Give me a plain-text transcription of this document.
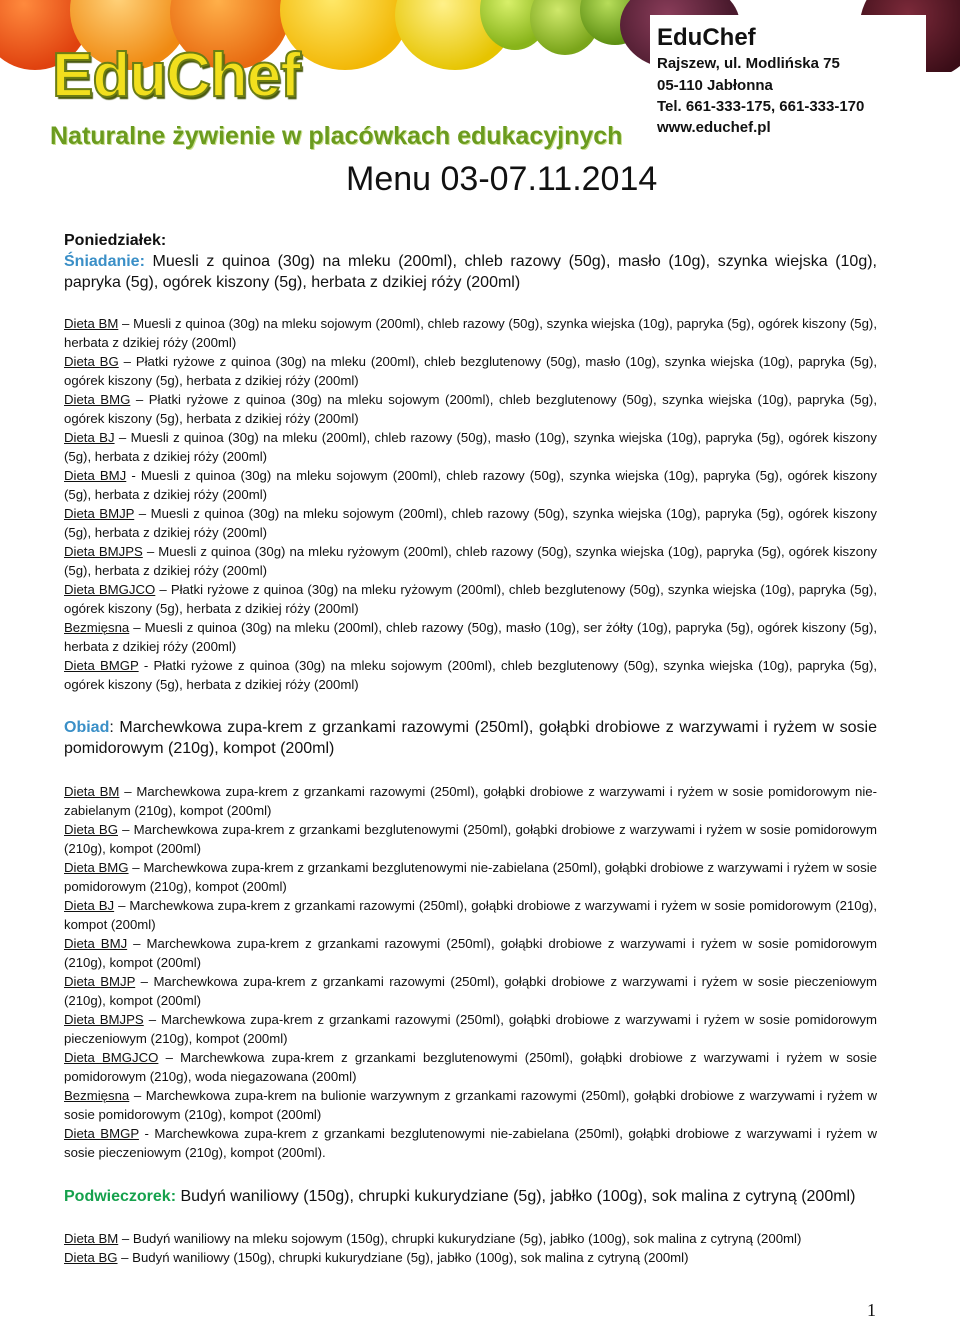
EduChef
Naturalne żywienie w placówkach edukacyjnych
Menu 03-07.11.2014
EduChef
Rajszew, ul. Modlińska 75
05-110 Jabłonna
Tel. 661-333-175, 661-333-170
www.educhef.pl

Poniedziałek:

Śniadanie: Muesli z quinoa (30g) na mleku (200ml), chleb razowy (50g), masło (10g), szynka wiejska (10g), papryka (5g), ogórek kiszony (5g), herbata z dzikiej róży (200ml)

Dieta BM – Muesli z quinoa (30g) na mleku sojowym (200ml), chleb razowy (50g), szynka wiejska (10g), papryka (5g), ogórek kiszony (5g), herbata z dzikiej róży (200ml)

Dieta BG – Płatki ryżowe z quinoa (30g) na mleku (200ml), chleb bezglutenowy (50g), masło (10g), szynka wiejska (10g), papryka (5g), ogórek kiszony (5g), herbata z dzikiej róży (200ml)

Dieta BMG – Płatki ryżowe z quinoa (30g) na mleku sojowym (200ml), chleb bezglutenowy (50g), szynka wiejska (10g), papryka (5g), ogórek kiszony (5g), herbata z dzikiej róży (200ml)

Dieta BJ – Muesli z quinoa (30g) na mleku (200ml), chleb razowy (50g), masło (10g), szynka wiejska (10g), papryka (5g), ogórek kiszony (5g), herbata z dzikiej róży (200ml)

Dieta BMJ - Muesli z quinoa (30g) na mleku sojowym (200ml), chleb razowy (50g), szynka wiejska (10g), papryka (5g), ogórek kiszony (5g), herbata z dzikiej róży (200ml)

Dieta BMJP – Muesli z quinoa (30g) na mleku sojowym (200ml), chleb razowy (50g), szynka wiejska (10g), papryka (5g), ogórek kiszony (5g), herbata z dzikiej róży (200ml)

Dieta BMJPS – Muesli z quinoa (30g) na mleku ryżowym (200ml), chleb razowy (50g), szynka wiejska (10g), papryka (5g), ogórek kiszony (5g), herbata z dzikiej róży (200ml)

Dieta BMGJCO – Płatki ryżowe z quinoa (30g) na mleku ryżowym (200ml), chleb bezglutenowy (50g), szynka wiejska (10g), papryka (5g), ogórek kiszony (5g), herbata z dzikiej róży (200ml)

Bezmięsna – Muesli z quinoa (30g) na mleku (200ml), chleb razowy (50g), masło (10g), ser żółty (10g), papryka (5g), ogórek kiszony (5g), herbata z dzikiej róży (200ml)

Dieta BMGP - Płatki ryżowe z quinoa (30g) na mleku sojowym (200ml), chleb bezglutenowy (50g), szynka wiejska (10g), papryka (5g), ogórek kiszony (5g), herbata z dzikiej róży (200ml)

Obiad: Marchewkowa zupa-krem z grzankami razowymi (250ml), gołąbki drobiowe z warzywami i ryżem w sosie pomidorowym (210g), kompot (200ml)

Dieta BM – Marchewkowa zupa-krem z grzankami razowymi (250ml), gołąbki drobiowe z warzywami i ryżem w sosie pomidorowym nie-zabielanym (210g), kompot (200ml)

Dieta BG – Marchewkowa zupa-krem z grzankami bezglutenowymi (250ml), gołąbki drobiowe z warzywami i ryżem w sosie pomidorowym (210g), kompot (200ml)

Dieta BMG – Marchewkowa zupa-krem z grzankami bezglutenowymi nie-zabielana (250ml), gołąbki drobiowe z warzywami i ryżem w sosie pomidorowym (210g), kompot (200ml)

Dieta BJ – Marchewkowa zupa-krem z grzankami razowymi (250ml), gołąbki drobiowe z warzywami i ryżem w sosie pomidorowym (210g), kompot (200ml)

Dieta BMJ – Marchewkowa zupa-krem z grzankami razowymi (250ml), gołąbki drobiowe z warzywami i ryżem w sosie pomidorowym (210g), kompot (200ml)

Dieta BMJP – Marchewkowa zupa-krem z grzankami razowymi (250ml), gołąbki drobiowe z warzywami i ryżem w sosie pieczeniowym (210g), kompot (200ml)

Dieta BMJPS – Marchewkowa zupa-krem z grzankami razowymi (250ml), gołąbki drobiowe z warzywami i ryżem w sosie pomidorowym pieczeniowym (210g), kompot (200ml)

Dieta BMGJCO – Marchewkowa zupa-krem z grzankami bezglutenowymi (250ml), gołąbki drobiowe z warzywami i ryżem w sosie pomidorowym (210g), woda niegazowana (200ml)

Bezmięsna – Marchewkowa zupa-krem na bulionie warzywnym z grzankami razowymi (250ml), gołąbki drobiowe z warzywami i ryżem w sosie pomidorowym (210g), kompot (200ml)

Dieta BMGP - Marchewkowa zupa-krem z grzankami bezglutenowymi nie-zabielana (250ml), gołąbki drobiowe z warzywami i ryżem w sosie pieczeniowym (210g), kompot (200ml).

Podwieczorek: Budyń waniliowy (150g), chrupki kukurydziane (5g), jabłko (100g), sok malina z cytryną (200ml)

Dieta BM – Budyń waniliowy na mleku sojowym (150g), chrupki kukurydziane (5g), jabłko (100g), sok malina z cytryną (200ml)

Dieta BG – Budyń waniliowy (150g), chrupki kukurydziane (5g), jabłko (100g), sok malina z cytryną (200ml)

1
